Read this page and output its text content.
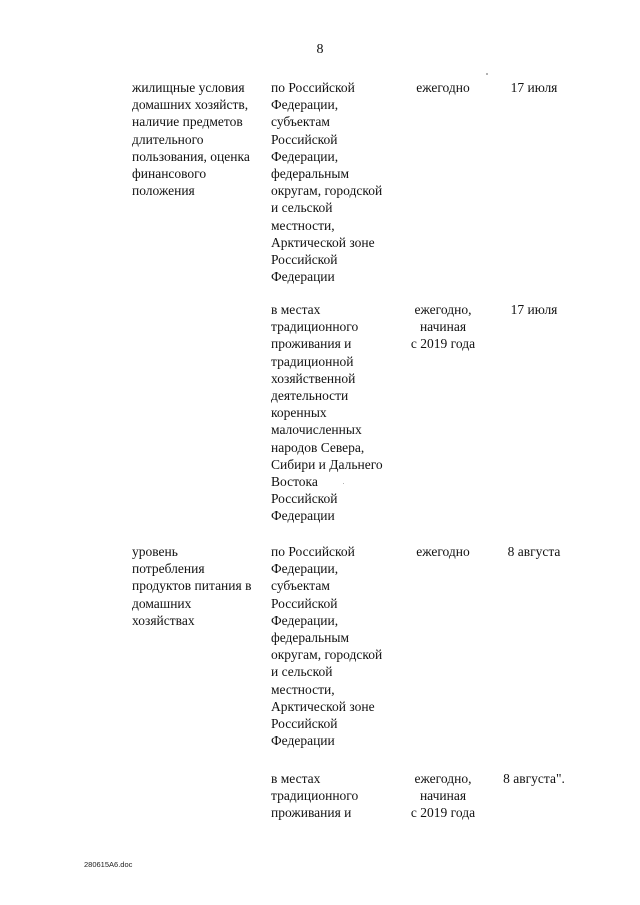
8
жилищные условия
домашних хозяйств,
наличие предметов
длительного
пользования, оценка
финансового
положения
по Российской
Федерации,
субъектам
Российской
Федерации,
федеральным
округам, городской
и сельской
местности,
Арктической зоне
Российской
Федерации
ежегодно	17 июля
в местах
традиционного
проживания и
традиционной
хозяйственной
деятельности
коренных
малочисленных
народов Севера,
Сибири и Дальнего
Востока
Российской
Федерации
ежегодно,
начиная
с 2019 года
17 июля
уровень
потребления
продуктов питания в
домашних
хозяйствах
по Российской
Федерации,
субъектам
Российской
Федерации,
федеральным
округам, городской
и сельской
местности,
Арктической зоне
Российской
Федерации
ежегодно	8 августа
в местах
традиционного
проживания и
ежегодно,
начиная
с 2019 года
8 августа".
280615A6.doc
